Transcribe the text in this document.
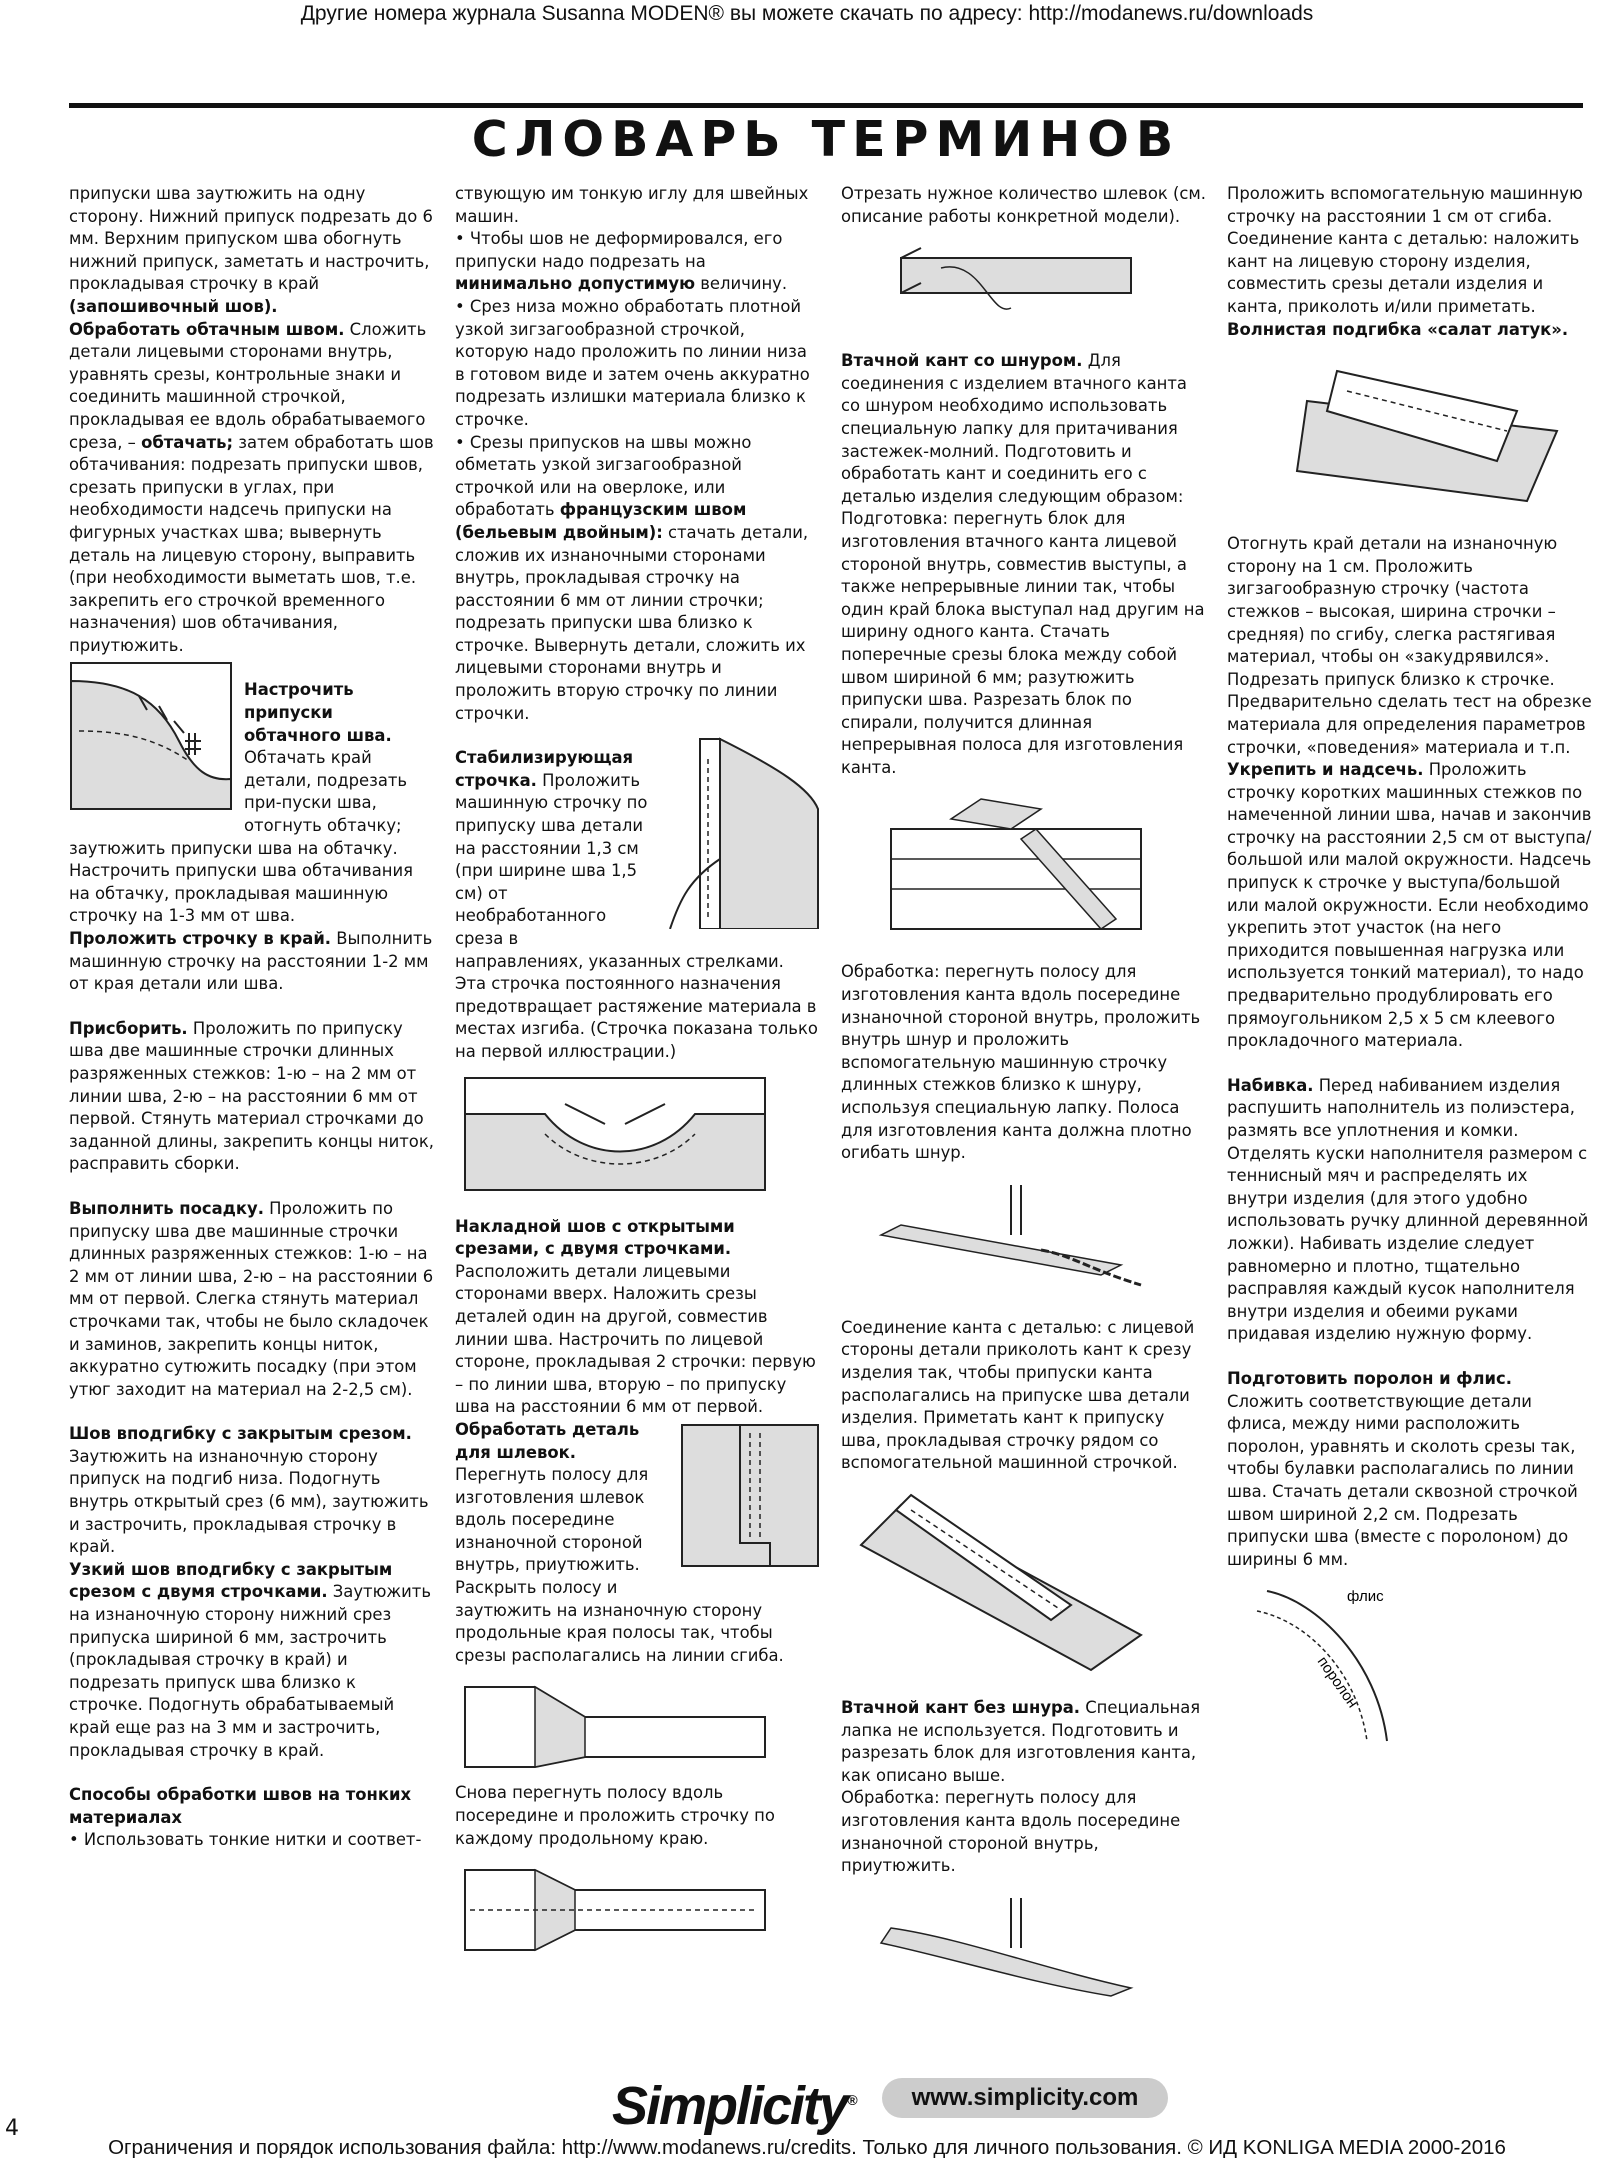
Другие номера журнала Susanna MODEN® вы можете скачать по адресу: http://modanews.ru/downloads
СЛОВАРЬ ТЕРМИНОВ

припуски шва заутюжить на одну сторону. Нижний припуск подрезать до 6 мм. Верхним припуском шва обогнуть нижний припуск, заметать и настрочить, прокладывая строчку в край (запошивочный шов).

Обработать обтачным швом. Сложить детали лицевыми сторонами внутрь, уравнять срезы, контрольные знаки и соединить машинной строчкой, прокладывая ее вдоль обрабатываемого среза, – обтачать; затем обработать шов обтачивания: подрезать припуски швов, срезать припуски в углах, при необходимости надсечь припуски на фигурных участках шва; вывернуть деталь на лицевую сторону, выправить (при необходимости выметать шов, т.е. закрепить его строчкой временного назначения) шов обтачивания, приутюжить.

Настрочить припуски обтачного шва. Обтачать край детали, подрезать при-пуски шва, отогнуть обтачку; заутюжить припуски шва на обтачку. Настрочить припуски шва обтачивания на обтачку, прокладывая машинную строчку на 1-3 мм от шва.

Проложить строчку в край. Выполнить машинную строчку на расстоянии 1-2 мм от края детали или шва.

Присборить. Проложить по припуску шва две машинные строчки длинных разряженных стежков: 1-ю – на 2 мм от линии шва, 2-ю – на расстоянии 6 мм от первой. Стянуть материал строчками до заданной длины, закрепить концы ниток, расправить сборки.

Выполнить посадку. Проложить по припуску шва две машинные строчки длинных разряженных стежков: 1-ю – на 2 мм от линии шва, 2-ю – на расстоянии 6 мм от первой. Слегка стянуть материал строчками так, чтобы не было складочек и заминов, закрепить концы ниток, аккуратно сутюжить посадку (при этом утюг заходит на материал на 2-2,5 см).

Шов вподгибку с закрытым срезом. Заутюжить на изнаночную сторону припуск на подгиб низа. Подогнуть внутрь открытый срез (6 мм), заутюжить и застрочить, прокладывая строчку в край.

Узкий шов вподгибку с закрытым срезом с двумя строчками. Заутюжить на изнаночную сторону нижний срез припуска шириной 6 мм, застрочить (прокладывая строчку в край) и подрезать припуск шва близко к строчке. Подогнуть обрабатываемый край еще раз на 3 мм и застрочить, прокладывая строчку в край.

Способы обработки швов на тонких материалах

• Использовать тонкие нитки и соответ-

ствующую им тонкую иглу для швейных машин.

• Чтобы шов не деформировался, его припуски надо подрезать на минимально допустимую величину.

• Срез низа можно обработать плотной узкой зигзагообразной строчкой, которую надо проложить по линии низа в готовом виде и затем очень аккуратно подрезать излишки материала близко к строчке.

• Срезы припусков на швы можно обметать узкой зигзагообразной строчкой или на оверлоке, или обработать французским швом (бельевым двойным): стачать детали, сложив их изнаночными сторонами внутрь, прокладывая строчку на расстоянии 6 мм от линии строчки; подрезать припуски шва близко к строчке. Вывернуть детали, сложить их лицевыми сторонами внутрь и проложить вторую строчку по линии строчки.

Стабилизирующая строчка. Проложить машинную строчку по припуску шва детали на расстоянии 1,3 см (при ширине шва 1,5 см) от необработанного среза в направлениях, указанных стрелками. Эта строчка постоянного назначения предотвращает растяжение материала в местах изгиба. (Строчка показана только на первой иллюстрации.)

Накладной шов с открытыми срезами, с двумя строчками. Расположить детали лицевыми сторонами вверх. Наложить срезы деталей один на другой, совместив линии шва. Настрочить по лицевой стороне, прокладывая 2 строчки: первую – по линии шва, вторую – по припуску шва на расстоянии 6 мм от первой.

Обработать деталь для шлевок. Перегнуть полосу для изготовления шлевок вдоль посередине изнаночной стороной внутрь, приутюжить.

Раскрыть полосу и заутюжить на изнаночную сторону продольные края полосы так, чтобы срезы располагались на линии сгиба.

Снова перегнуть полосу вдоль посередине и проложить строчку по каждому продольному краю.

Отрезать нужное количество шлевок (см. описание работы конкретной модели).

Втачной кант со шнуром. Для соединения с изделием втачного канта со шнуром необходимо использовать специальную лапку для притачивания застежек-молний. Подготовить и обработать кант и соединить его с деталью изделия следующим образом:

Подготовка: перегнуть блок для изготовления втачного канта лицевой стороной внутрь, совместив выступы, а также непрерывные линии так, чтобы один край блока выступал над другим на ширину одного канта. Стачать поперечные срезы блока между собой швом шириной 6 мм; разутюжить припуски шва. Разрезать блок по спирали, получится длинная непрерывная полоса для изготовления канта.

Обработка: перегнуть полосу для изготовления канта вдоль посередине изнаночной стороной внутрь, проложить внутрь шнур и проложить вспомогательную машинную строчку длинных стежков близко к шнуру, используя специальную лапку. Полоса для изготовления канта должна плотно огибать шнур.

Соединение канта с деталью: с лицевой стороны детали приколоть кант к срезу изделия так, чтобы припуски канта располагались на припуске шва детали изделия. Приметать кант к припуску шва, прокладывая строчку рядом со вспомогательной машинной строчкой.

Втачной кант без шнура. Специальная лапка не используется. Подготовить и разрезать блок для изготовления канта, как описано выше.

Обработка: перегнуть полосу для изготовления канта вдоль посередине изнаночной стороной внутрь, приутюжить.

Проложить вспомогательную машинную строчку на расстоянии 1 см от сгиба.

Соединение канта с деталью: наложить кант на лицевую сторону изделия, совместить срезы детали изделия и канта, приколоть и/или приметать.

Волнистая подгибка «салат латук».

Отогнуть край детали на изнаночную сторону на 1 см. Проложить зигзагообразную строчку (частота стежков – высокая, ширина строчки – средняя) по сгибу, слегка растягивая материал, чтобы он «закудрявился». Подрезать припуск близко к строчке. Предварительно сделать тест на обрезке материала для определения параметров строчки, «поведения» материала и т.п.

Укрепить и надсечь. Проложить строчку коротких машинных стежков по намеченной линии шва, начав и закончив строчку на расстоянии 2,5 см от выступа/большой или малой окружности. Надсечь припуск к строчке у выступа/большой или малой окружности. Если необходимо укрепить этот участок (на него приходится повышенная нагрузка или используется тонкий материал), то надо предварительно продублировать его прямоугольником 2,5 х 5 см клеевого прокладочного материала.

Набивка. Перед набиванием изделия распушить наполнитель из полиэстера, размять все уплотнения и комки. Отделять куски наполнителя размером с теннисный мяч и распределять их внутри изделия (для этого удобно использовать ручку длинной деревянной ложки). Набивать изделие следует равномерно и плотно, тщательно расправляя каждый кусок наполнителя внутри изделия и обеими руками придавая изделию нужную форму.

Подготовить поролон и флис. Сложить соответствующие детали флиса, между ними расположить поролон, уравнять и сколоть срезы так, чтобы булавки располагались по линии шва. Стачать детали сквозной строчкой швом шириной 2,2 см. Подрезать припуски шва (вместе с поролоном) до ширины 6 мм.

флис
поролон
4	Simplicity®	www.simplicity.com
Ограничения и порядок использования файла: http://www.modanews.ru/credits. Только для личного пользования. © ИД KONLIGA MEDIA 2000-2016
